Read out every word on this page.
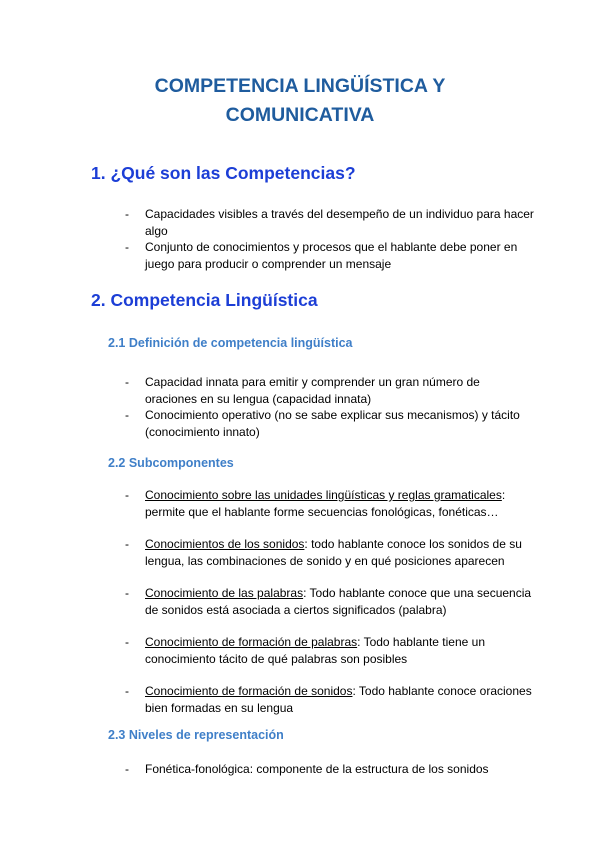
COMPETENCIA LINGÜÍSTICA Y
COMUNICATIVA
1. ¿Qué son las Competencias?
- Capacidades visibles a través del desempeño de un individuo para hacer algo
- Conjunto de conocimientos y procesos que el hablante debe poner en juego para producir o comprender un mensaje
2. Competencia Lingüística
2.1 Definición de competencia lingüística
- Capacidad innata para emitir y comprender un gran número de oraciones en su lengua (capacidad innata)
- Conocimiento operativo (no se sabe explicar sus mecanismos) y tácito (conocimiento innato)
2.2 Subcomponentes
- Conocimiento sobre las unidades lingüísticas y reglas gramaticales: permite que el hablante forme secuencias fonológicas, fonéticas…
- Conocimientos de los sonidos: todo hablante conoce los sonidos de su lengua, las combinaciones de sonido y en qué posiciones aparecen
- Conocimiento de las palabras: Todo hablante conoce que una secuencia de sonidos está asociada a ciertos significados (palabra)
- Conocimiento de formación de palabras: Todo hablante tiene un conocimiento tácito de qué palabras son posibles
- Conocimiento de formación de sonidos: Todo hablante conoce oraciones bien formadas en su lengua
2.3 Niveles de representación
- Fonética-fonológica: componente de la estructura de los sonidos
